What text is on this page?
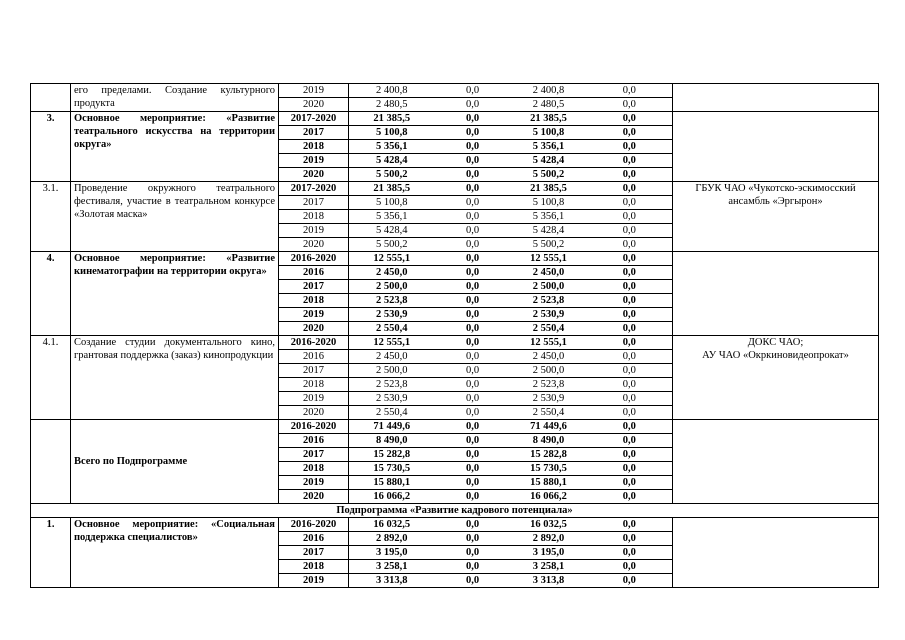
	его пределами. Создание культурного продукта	2019	2 400,8	0,0	2 400,8	0,0	
		2020	2 480,5	0,0	2 480,5	0,0	
3.	Основное мероприятие: «Развитие театрального искусства на территории округа»	2017-2020	21 385,5	0,0	21 385,5	0,0	
		2017	5 100,8	0,0	5 100,8	0,0	
		2018	5 356,1	0,0	5 356,1	0,0	
		2019	5 428,4	0,0	5 428,4	0,0	
		2020	5 500,2	0,0	5 500,2	0,0	
3.1.	Проведение окружного театрального фестиваля, участие в театральном конкурсе «Золотая маска»	2017-2020	21 385,5	0,0	21 385,5	0,0	ГБУК ЧАО «Чукотско-эскимосский ансамбль «Эргырон»
		2017	5 100,8	0,0	5 100,8	0,0	
		2018	5 356,1	0,0	5 356,1	0,0	
		2019	5 428,4	0,0	5 428,4	0,0	
		2020	5 500,2	0,0	5 500,2	0,0	
4.	Основное мероприятие: «Развитие кинематографии на территории округа»	2016-2020	12 555,1	0,0	12 555,1	0,0	
		2016	2 450,0	0,0	2 450,0	0,0	
		2017	2 500,0	0,0	2 500,0	0,0	
		2018	2 523,8	0,0	2 523,8	0,0	
		2019	2 530,9	0,0	2 530,9	0,0	
		2020	2 550,4	0,0	2 550,4	0,0	
4.1.	Создание студии документального кино, грантовая поддержка (заказ) кинопродукции	2016-2020	12 555,1	0,0	12 555,1	0,0	ДОКС ЧАО;
АУ ЧАО «Окркиновидеопрокат»
		2016	2 450,0	0,0	2 450,0	0,0	
		2017	2 500,0	0,0	2 500,0	0,0	
		2018	2 523,8	0,0	2 523,8	0,0	
		2019	2 530,9	0,0	2 530,9	0,0	
		2020	2 550,4	0,0	2 550,4	0,0	
	Всего по Подпрограмме	2016-2020	71 449,6	0,0	71 449,6	0,0	
		2016	8 490,0	0,0	8 490,0	0,0	
		2017	15 282,8	0,0	15 282,8	0,0	
		2018	15 730,5	0,0	15 730,5	0,0	
		2019	15 880,1	0,0	15 880,1	0,0	
		2020	16 066,2	0,0	16 066,2	0,0	
Подпрограмма «Развитие кадрового потенциала»							
1.	Основное мероприятие: «Социальная поддержка специалистов»	2016-2020	16 032,5	0,0	16 032,5	0,0	
		2016	2 892,0	0,0	2 892,0	0,0	
		2017	3 195,0	0,0	3 195,0	0,0	
		2018	3 258,1	0,0	3 258,1	0,0	
		2019	3 313,8	0,0	3 313,8	0,0	
